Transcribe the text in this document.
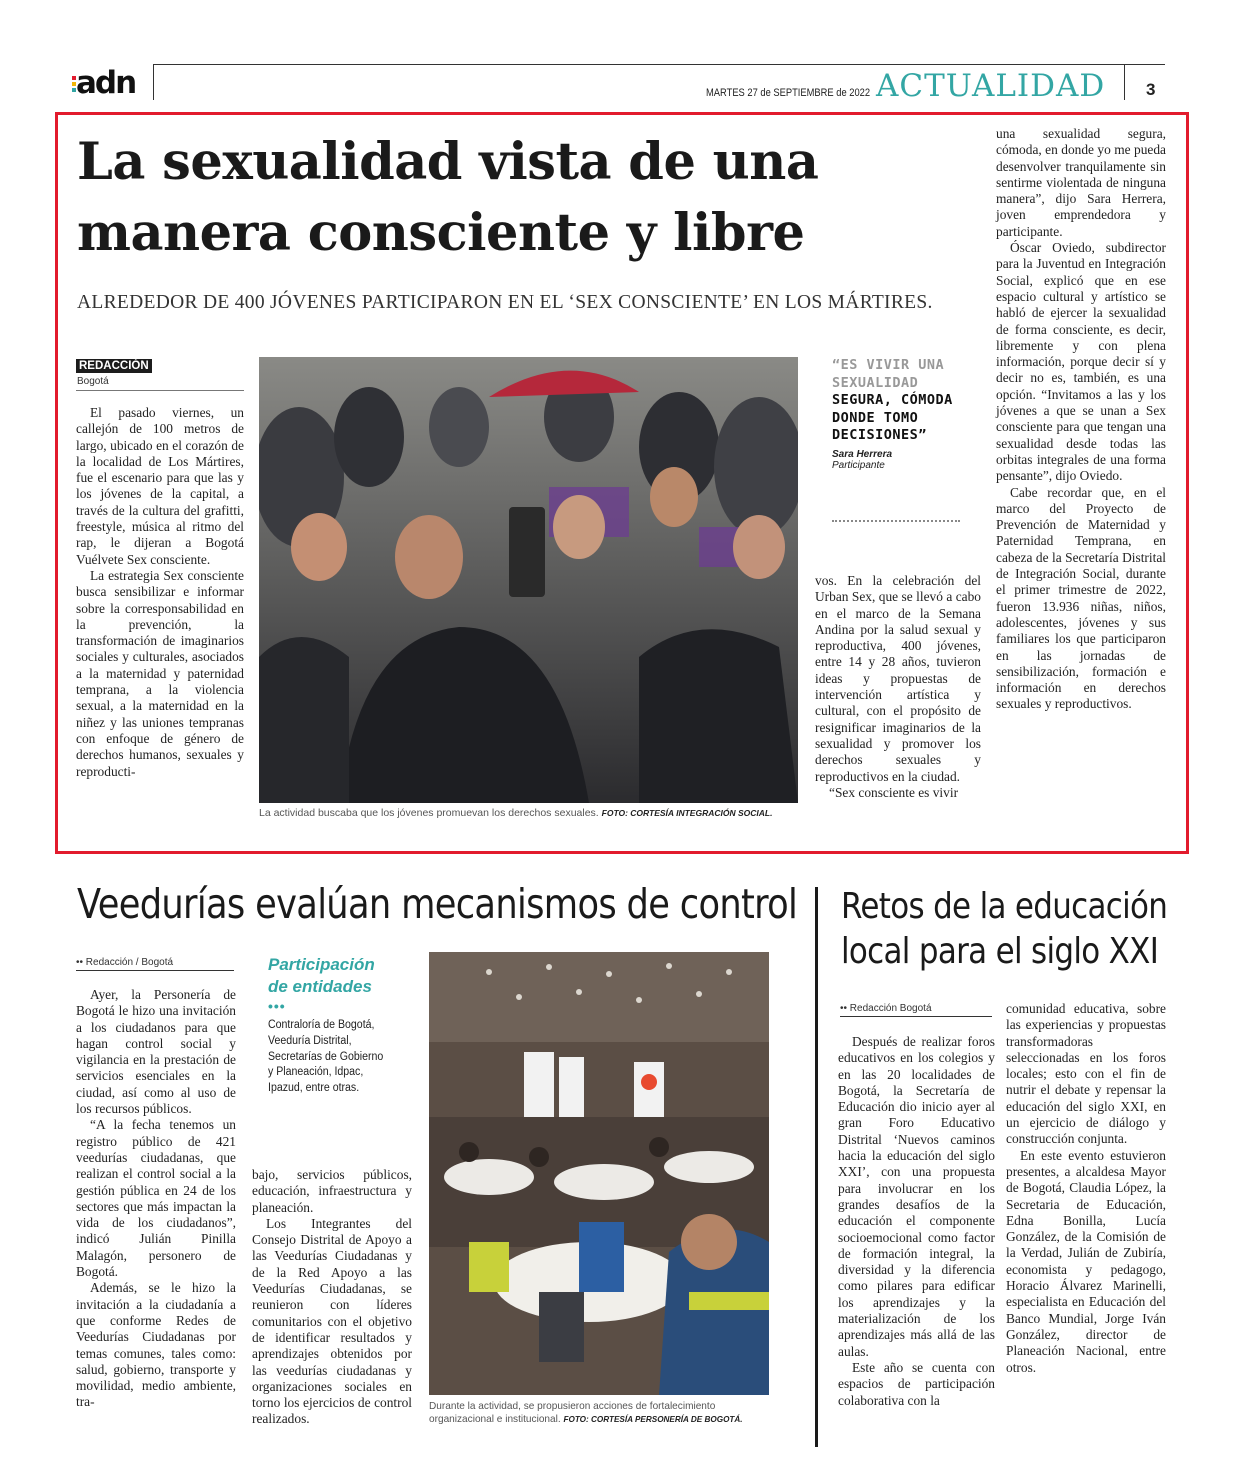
adn	MARTES 27 de SEPTIEMBRE de 2022 ACTUALIDAD 3
La sexualidad vista de una
manera consciente y libre
ALREDEDOR DE 400 JÓVENES PARTICIPARON EN EL ‘SEX CONSCIENTE’ EN LOS MÁRTIRES.
REDACCIÓN
Bogotá

El pasado viernes, un callejón de 100 metros de largo, ubicado en el corazón de la localidad de Los Mártires, fue el escenario para que las y los jóvenes de la capital, a través de la cultura del grafitti, freestyle, música al ritmo del rap, le dijeran a Bogotá Vuélvete Sex consciente.

La estrategia Sex consciente busca sensibilizar e informar sobre la corresponsabilidad en la prevención, la transformación de imaginarios sociales y culturales, asociados a la maternidad y paternidad temprana, a la violencia sexual, a la maternidad en la niñez y las uniones tempranas con enfoque de género de derechos humanos, sexuales y reproducti-

La actividad buscaba que los jóvenes promuevan los derechos sexuales. FOTO: CORTESÍA INTEGRACIÓN SOCIAL.
“ES VIVIR UNA SEXUALIDAD
SEGURA, CÓMODA DONDE TOMO DECISIONES”
Sara Herrera
Participante

vos. En la celebración del Urban Sex, que se llevó a cabo en el marco de la Semana Andina por la salud sexual y reproductiva, 400 jóvenes, entre 14 y 28 años, tuvieron ideas y propuestas de intervención artística y cultural, con el propósito de resignificar imaginarios de la sexualidad y promover los derechos sexuales y reproductivos en la ciudad.

“Sex consciente es vivir

una sexualidad segura, cómoda, en donde yo me pueda desenvolver tranquilamente sin sentirme violentada de ninguna manera”, dijo Sara Herrera, joven emprendedora y participante.

Óscar Oviedo, subdirector para la Juventud en Integración Social, explicó que en ese espacio cultural y artístico se habló de ejercer la sexualidad de forma consciente, es decir, libremente y con plena información, porque decir sí y decir no es, también, es una opción. “Invitamos a las y los jóvenes a que se unan a Sex consciente para que tengan una sexualidad desde todas las orbitas integrales de una forma pensante”, dijo Oviedo.

Cabe recordar que, en el marco del Proyecto de Prevención de Maternidad y Paternidad Temprana, en cabeza de la Secretaría Distrital de Integración Social, durante el primer trimestre de 2022, fueron 13.936 niñas, niños, adolescentes, jóvenes y sus familiares los que participaron en las jornadas de sensibilización, formación e información en derechos sexuales y reproductivos.

Veedurías evalúan mecanismos de control
•• Redacción / Bogotá

Ayer, la Personería de Bogotá le hizo una invitación a los ciudadanos para que hagan control social y vigilancia en la prestación de servicios esenciales en la ciudad, así como al uso de los recursos públicos.

“A la fecha tenemos un registro público de 421 veedurías ciudadanas, que realizan el control social a la gestión pública en 24 de los sectores que más impactan la vida de los ciudadanos”, indicó Julián Pinilla Malagón, personero de Bogotá.

Además, se le hizo la invitación a la ciudadanía a que conforme Redes de Veedurías Ciudadanas por temas comunes, tales como: salud, gobierno, transporte y movilidad, medio ambiente, tra-

Participación
de entidades
•••
Contraloría de Bogotá, Veeduría Distrital, Secretarías de Gobierno y Planeación, Idpac, Ipazud, entre otras.

bajo, servicios públicos, educación, infraestructura y planeación.

Los Integrantes del Consejo Distrital de Apoyo a las Veedurías Ciudadanas y de la Red Apoyo a las Veedurías Ciudadanas, se reunieron con líderes comunitarios con el objetivo de identificar resultados y aprendizajes obtenidos por las veedurías ciudadanas y organizaciones sociales en torno los ejercicios de control realizados.

Durante la actividad, se propusieron acciones de fortalecimiento organizacional e institucional. FOTO: CORTESÍA PERSONERÍA DE BOGOTÁ.
Retos de la educación
local para el siglo XXI
•• Redacción Bogotá

Después de realizar foros educativos en los colegios y en las 20 localidades de Bogotá, la Secretaría de Educación dio inicio ayer al gran Foro Educativo Distrital ‘Nuevos caminos hacia la educación del siglo XXI’, con una propuesta para involucrar en los grandes desafíos de la educación el componente socioemocional como factor de formación integral, la diversidad y la diferencia como pilares para edificar los aprendizajes y la materialización de los aprendizajes más allá de las aulas.

Este año se cuenta con espacios de participación colaborativa con la

comunidad educativa, sobre las experiencias y propuestas transformadoras seleccionadas en los foros locales; esto con el fin de nutrir el debate y repensar la educación del siglo XXI, en un ejercicio de diálogo y construcción conjunta.

En este evento estuvieron presentes, a alcaldesa Mayor de Bogotá, Claudia López, la Secretaria de Educación, Edna Bonilla, Lucía González, de la Comisión de la Verdad, Julián de Zubiría, economista y pedagogo, Horacio Álvarez Marinelli, especialista en Educación del Banco Mundial, Jorge Iván González, director de Planeación Nacional, entre otros.
